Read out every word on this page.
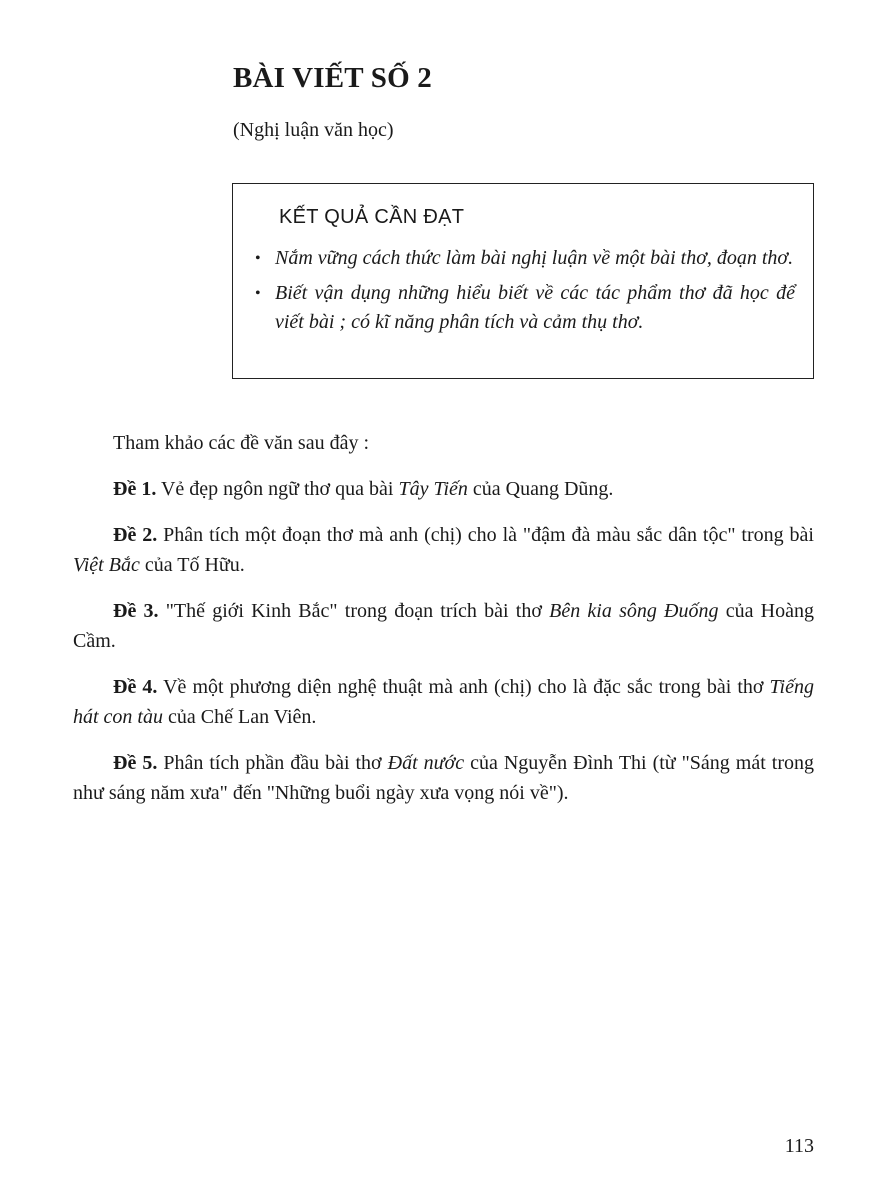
BÀI VIẾT SỐ 2
(Nghị luận văn học)
KẾT QUẢ CẦN ĐẠT
• Nắm vững cách thức làm bài nghị luận về một bài thơ, đoạn thơ.
• Biết vận dụng những hiểu biết về các tác phẩm thơ đã học để viết bài ; có kĩ năng phân tích và cảm thụ thơ.

Tham khảo các đề văn sau đây :

Đề 1. Vẻ đẹp ngôn ngữ thơ qua bài Tây Tiến của Quang Dũng.

Đề 2. Phân tích một đoạn thơ mà anh (chị) cho là "đậm đà màu sắc dân tộc" trong bài Việt Bắc của Tố Hữu.

Đề 3. "Thế giới Kinh Bắc" trong đoạn trích bài thơ Bên kia sông Đuống của Hoàng Cầm.

Đề 4. Về một phương diện nghệ thuật mà anh (chị) cho là đặc sắc trong bài thơ Tiếng hát con tàu của Chế Lan Viên.

Đề 5. Phân tích phần đầu bài thơ Đất nước của Nguyễn Đình Thi (từ "Sáng mát trong như sáng năm xưa" đến "Những buổi ngày xưa vọng nói về").

113
